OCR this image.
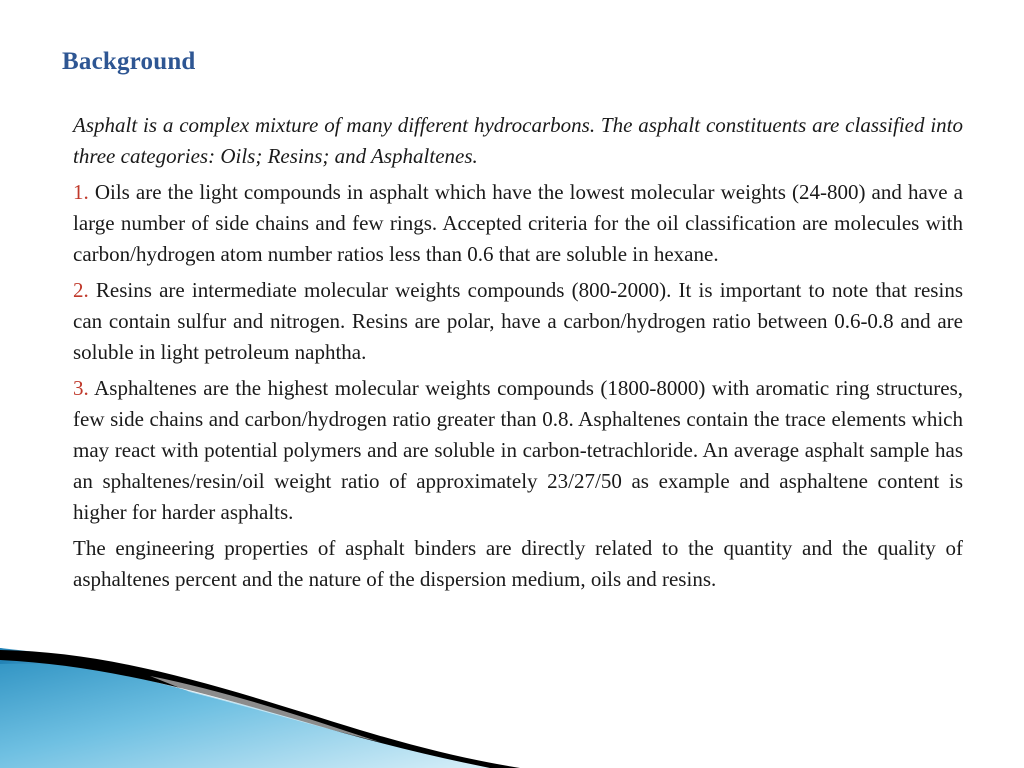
Background

Asphalt is a complex mixture of many different hydrocarbons. The asphalt constituents are classified into three categories: Oils; Resins; and Asphaltenes.

1. Oils are the light compounds in asphalt which have the lowest molecular weights (24-800) and have a large number of side chains and few rings. Accepted criteria for the oil classification are molecules with carbon/hydrogen atom number ratios less than 0.6 that are soluble in hexane.

2. Resins are intermediate molecular weights compounds (800-2000). It is important to note that resins can contain sulfur and nitrogen. Resins are polar, have a carbon/hydrogen ratio between 0.6-0.8 and are soluble in light petroleum naphtha.

3. Asphaltenes are the highest molecular weights compounds (1800-8000) with aromatic ring structures, few side chains and carbon/hydrogen ratio greater than 0.8. Asphaltenes contain the trace elements which may react with potential polymers and are soluble in carbon-tetrachloride. An average asphalt sample has an sphaltenes/resin/oil weight ratio of approximately 23/27/50 as example and asphaltene content is higher for harder asphalts.

The engineering properties of asphalt binders are directly related to the quantity and the quality of asphaltenes percent and the nature of the dispersion medium, oils and resins.
